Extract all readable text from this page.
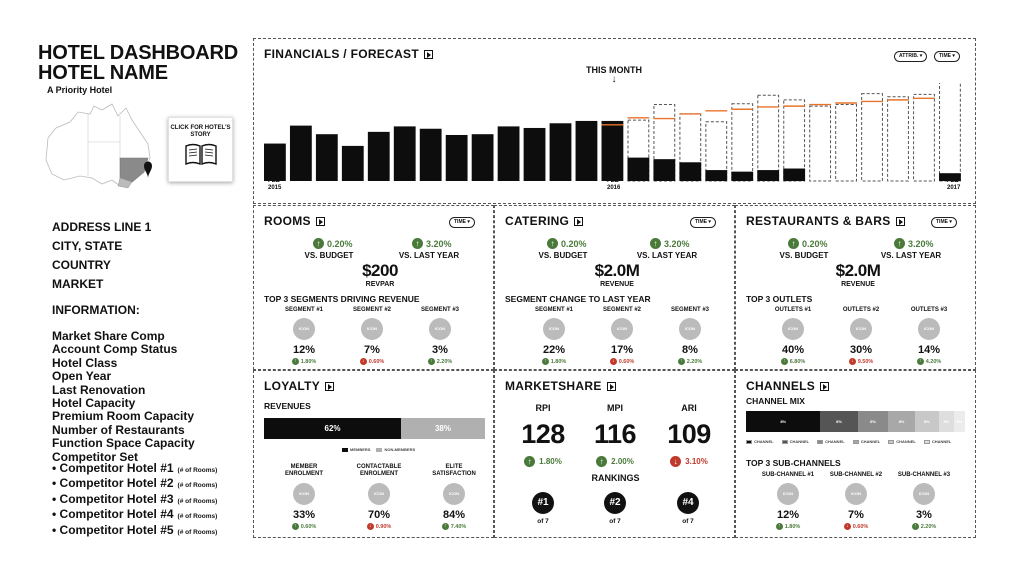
HOTEL DASHBOARD
HOTEL NAME
A Priority Hotel
CLICK FOR HOTEL'S STORY
ADDRESS LINE 1
CITY, STATE
COUNTRY
MARKET
INFORMATION:
Market Share Comp
Account Comp Status
Hotel Class
Open Year
Last Renovation
Hotel Capacity
Premium Room Capacity
Number of Restaurants
Function Space Capacity
Competitor Set
• Competitor Hotel #1 (# of Rooms)
• Competitor Hotel #2 (# of Rooms)
• Competitor Hotel #3 (# of Rooms)
• Competitor Hotel #4 (# of Rooms)
• Competitor Hotel #5 (# of Rooms)
FINANCIALS / FORECAST	ATTRIB. ▾	TIME ▾
THIS MONTH
↓
FEB
2015
FEB
2016
FEB
2017
ROOMS	TIME ▾
↑ 0.20%
VS. BUDGET
↑ 3.20%
VS. LAST YEAR
$200
REVPAR
TOP 3 SEGMENTS DRIVING REVENUE
SEGMENT #1
ICON
12%
↑ 1.80%
SEGMENT #2
ICON
7%
↓ 0.60%
SEGMENT #3
ICON
3%
↑ 2.20%
CATERING	TIME ▾
↑ 0.20%
VS. BUDGET
↑ 3.20%
VS. LAST YEAR
$2.0M
REVENUE
SEGMENT CHANGE TO LAST YEAR
SEGMENT #1
ICON
22%
↑ 1.80%
SEGMENT #2
ICON
17%
↓ 0.60%
SEGMENT #3
ICON
8%
↑ 2.20%
RESTAURANTS & BARS	TIME ▾
↑ 0.20%
VS. BUDGET
↑ 3.20%
VS. LAST YEAR
$2.0M
REVENUE
TOP 3 OUTLETS
OUTLETS #1
ICON
40%
↑ 6.80%
OUTLETS #2
ICON
30%
↓ 9.50%
OUTLETS #3
ICON
14%
↑ 4.20%
LOYALTY
REVENUES
62%	38%
MEMBERS	NON-MEMBERS
MEMBER ENROLMENT
ICON
33%
↑ 0.60%
CONTACTABLE ENROLMENT
ICON
70%
↓ 0.90%
ELITE SATISFACTION
ICON
84%
↑ 7.40%
MARKETSHARE
RPI
128
↑ 1.80%
MPI
116
↑ 2.00%
ARI
109
↓ 3.10%
RANKINGS
#1
of 7
#2
of 7
#4
of 7
CHANNELS
CHANNEL MIX
8%	8%	8%	8%	8%	8%	8%
CHANNEL	CHANNEL	CHANNEL	CHANNEL	CHANNEL	CHANNEL
TOP 3 SUB-CHANNELS
SUB-CHANNEL #1
ICON
12%
↑ 1.80%
SUB-CHANNEL #2
ICON
7%
↓ 0.60%
SUB-CHANNEL #3
ICON
3%
↑ 2.20%
